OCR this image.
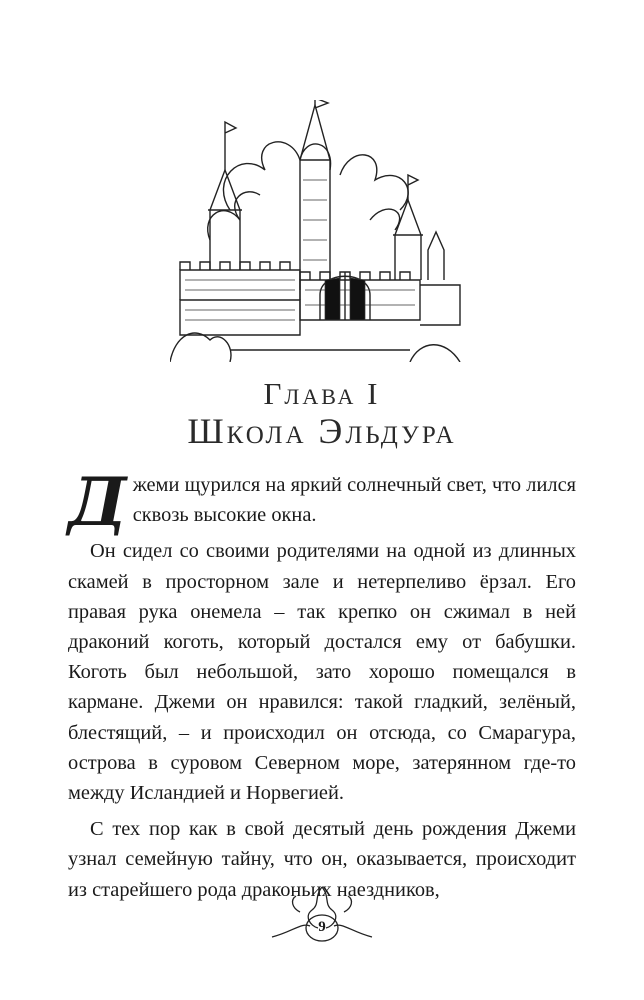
Глава I
Школа Эльдура

Джеми щурился на яркий солнечный свет, что лился сквозь высокие окна.

Он сидел со своими родителями на одной из длинных скамей в просторном зале и нетерпеливо ёрзал. Его правая рука онемела – так крепко он сжимал в ней драконий коготь, который достался ему от бабушки. Коготь был небольшой, зато хорошо помещался в кармане. Джеми он нравился: такой гладкий, зелёный, блестящий, – и происходил он отсюда, со Смарагура, острова в суровом Северном море, затерянном где-то между Исландией и Норвегией.

С тех пор как в свой десятый день рождения Джеми узнал семейную тайну, что он, оказывается, происходит из старейшего рода драконьих наездников,

9
